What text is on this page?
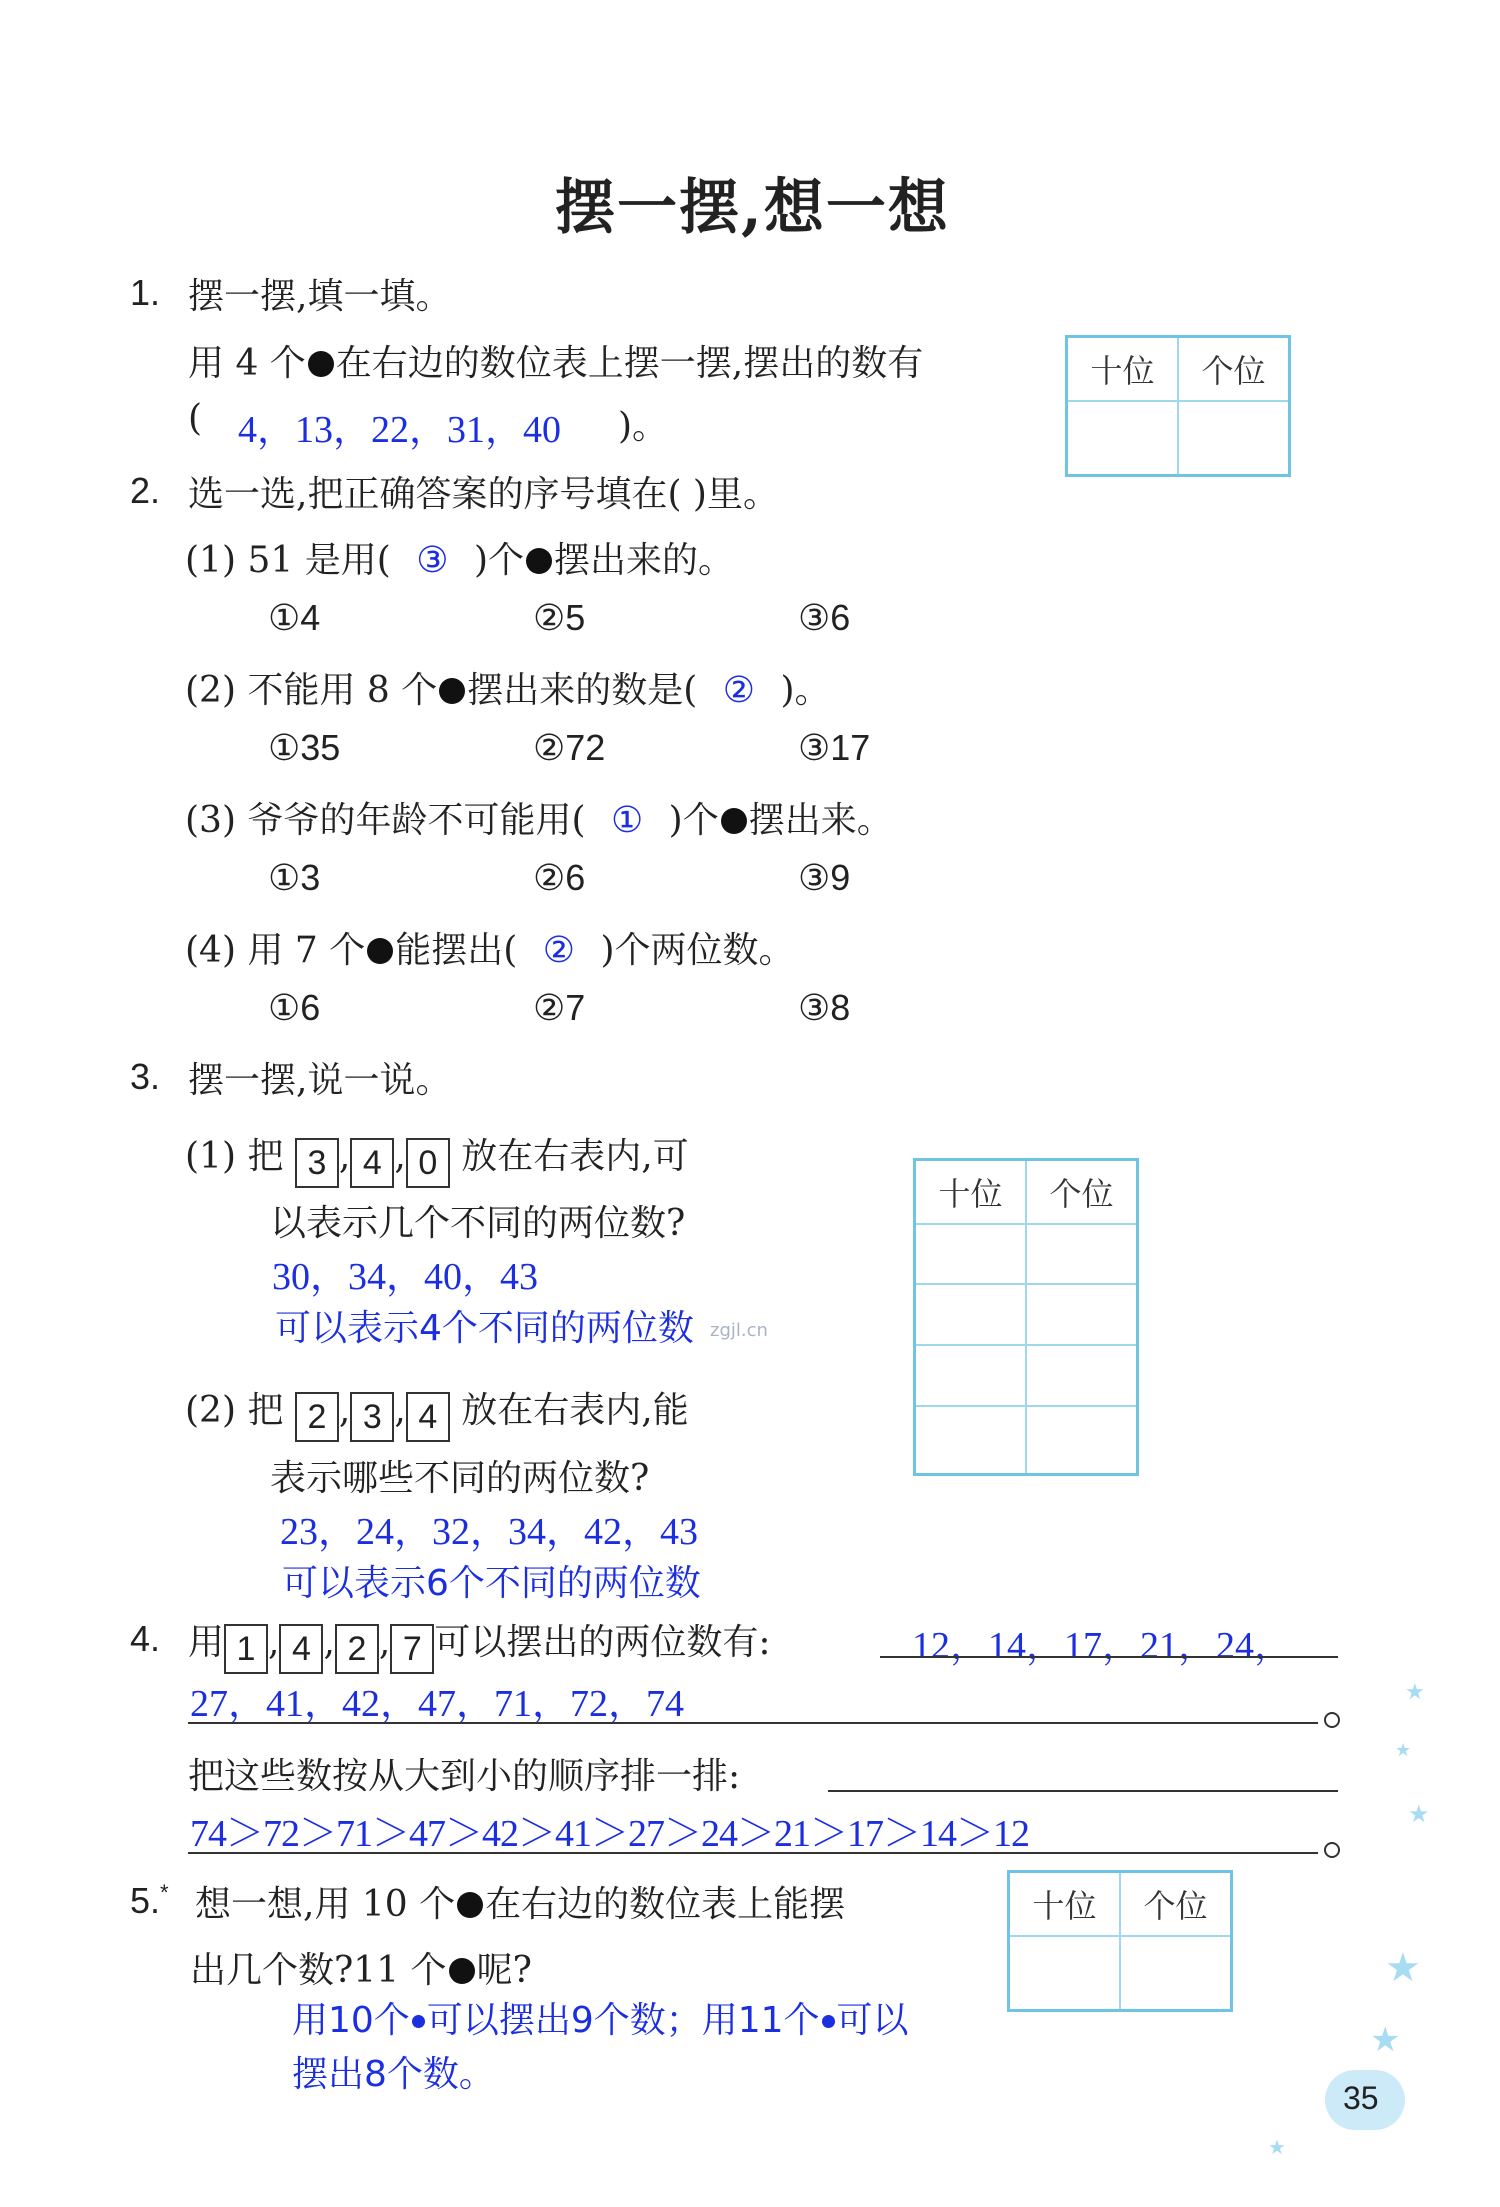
摆一摆,想一想
1. 摆一摆,填一填。
用 4 个 在右边的数位表上摆一摆,摆出的数有
( 4，13，22，31，40 )。
十位	个位

2. 选一选,把正确答案的序号填在( )里。
(1) 51 是用( ③ )个 摆出来的。
①4	②5	③6
(2) 不能用 8 个 摆出来的数是( ② )。
①35	②72	③17
(3) 爷爷的年龄不可能用( ① )个 摆出来。
①3	②6	③9
(4) 用 7 个 能摆出( ② )个两位数。
①6	②7	③8
3. 摆一摆,说一说。
(1) 把 3 , 4 , 0 放在右表内,可
以表示几个不同的两位数?
30，34，40，43
可以表示4个不同的两位数 zgjl.cn
(2) 把 2 , 3 , 4 放在右表内,能
表示哪些不同的两位数?
23，24，32，34，42，43
可以表示6个不同的两位数
十位	个位

4. 用 1 , 4 , 2 , 7 可以摆出的两位数有:	12，14，17，21，24，
27，41，42，47，71，72，74
把这些数按从大到小的顺序排一排:
74＞72＞71＞47＞42＞41＞27＞24＞21＞17＞14＞12
5.* 想一想,用 10 个 在右边的数位表上能摆
出几个数?11 个 呢?
用10个 可以摆出9个数；用11个 可以
摆出8个数。
十位	个位

★
★
★
★
★
★
35
